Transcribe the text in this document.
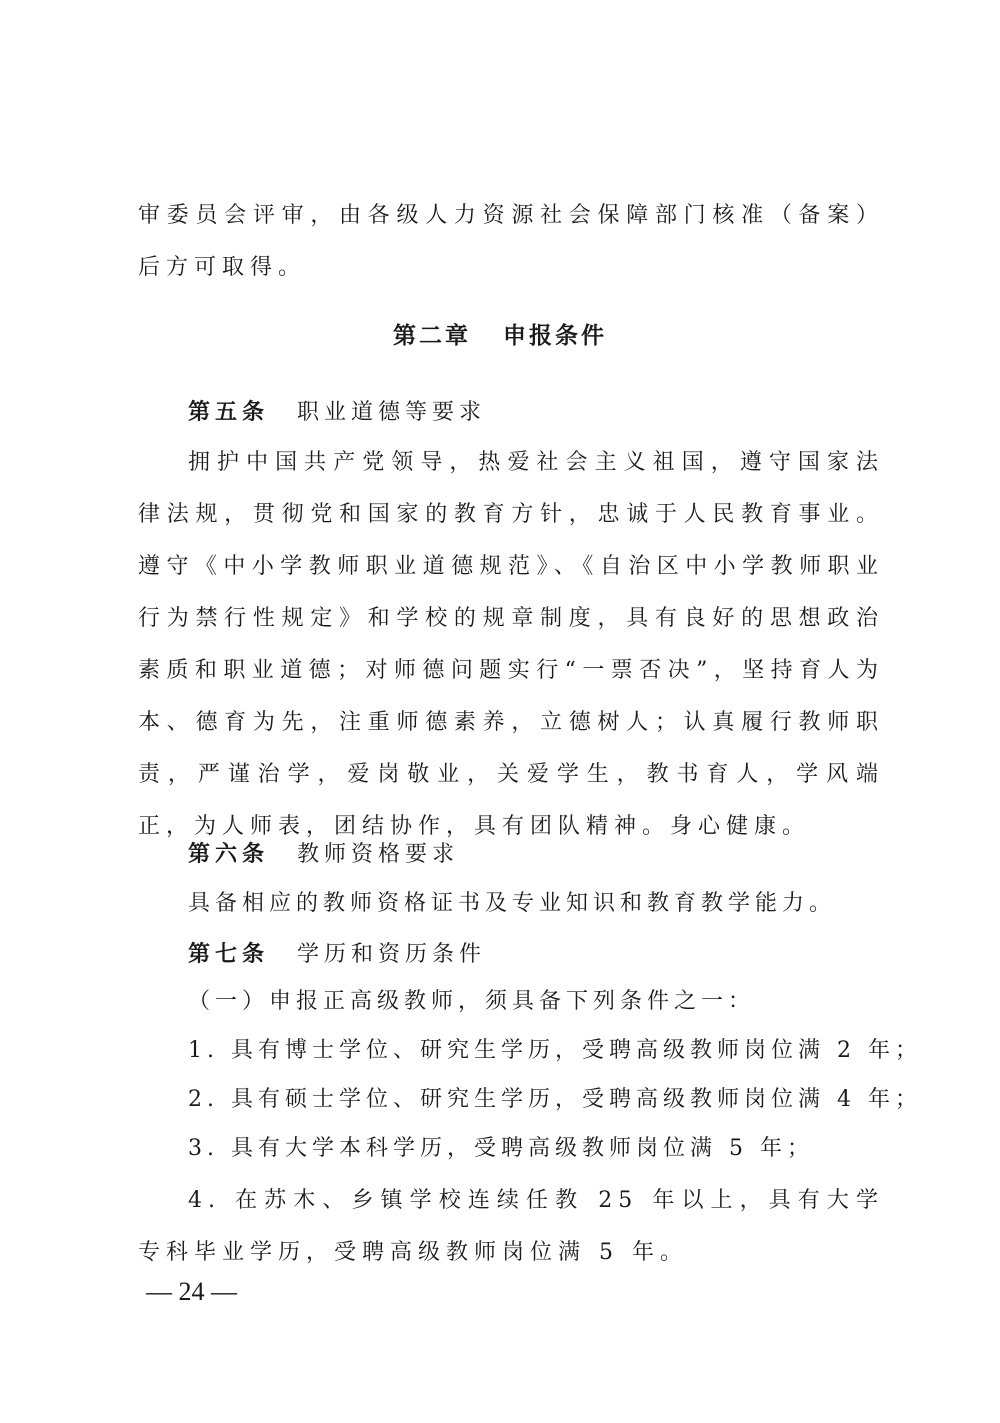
审委员会评审，由各级人力资源社会保障部门核准（备案）后方可取得。

第二章 申报条件

第五条 职业道德等要求

拥护中国共产党领导，热爱社会主义祖国，遵守国家法律法规，贯彻党和国家的教育方针，忠诚于人民教育事业。遵守《中小学教师职业道德规范》、《自治区中小学教师职业行为禁行性规定》和学校的规章制度，具有良好的思想政治素质和职业道德；对师德问题实行“一票否决”，坚持育人为本、德育为先，注重师德素养，立德树人；认真履行教师职责，严谨治学，爱岗敬业，关爱学生，教书育人，学风端正，为人师表，团结协作，具有团队精神。身心健康。

第六条 教师资格要求

具备相应的教师资格证书及专业知识和教育教学能力。

第七条 学历和资历条件

（一）申报正高级教师，须具备下列条件之一：

1. 具有博士学位、研究生学历，受聘高级教师岗位满 2 年；

2. 具有硕士学位、研究生学历，受聘高级教师岗位满 4 年；

3. 具有大学本科学历，受聘高级教师岗位满 5 年；

4. 在苏木、乡镇学校连续任教 25 年以上，具有大学专科毕业学历，受聘高级教师岗位满 5 年。

— 24 —
